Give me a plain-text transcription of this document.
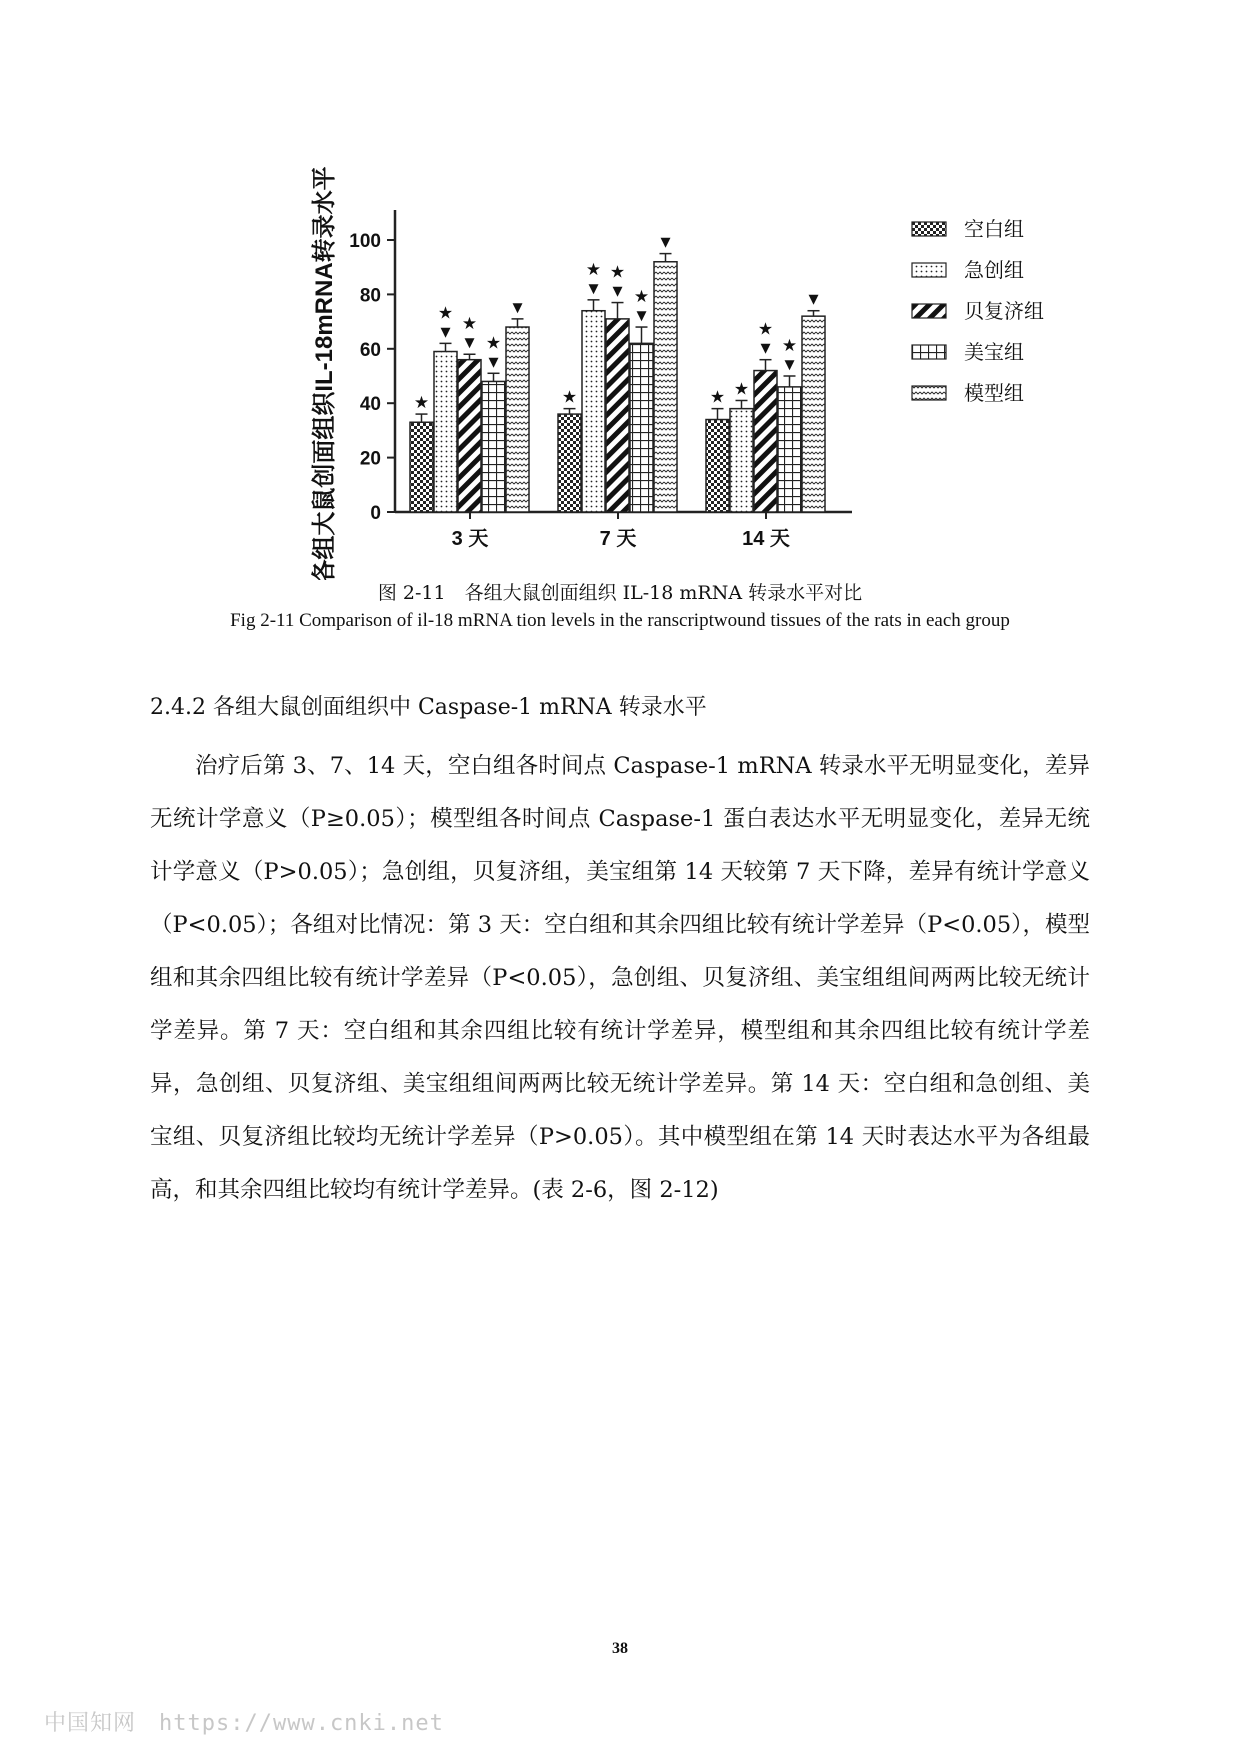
各组大鼠创面组织IL-18mRNA转录水平 0
20
40
60
80
100
★
▼
★
▼
★
▼
★
▼
3 天
★
▼
★
▼
★
▼
★
▼
7 天
★ ★
▼
★
▼
★
▼
14 天
空白组
急创组
贝复济组
美宝组
模型组
图 2-11　各组大鼠创面组织 IL-18 mRNA 转录水平对比
Fig 2-11 Comparison of il-18 mRNA tion levels in the ranscriptwound tissues of the rats in each group
2.4.2 各组大鼠创面组织中 Caspase-1 mRNA 转录水平

治疗后第 3、7、14 天，空白组各时间点 Caspase-1 mRNA 转录水平无明显变化，差异无统计学意义（P≥0.05）；模型组各时间点 Caspase-1 蛋白表达水平无明显变化，差异无统计学意义（P>0.05）；急创组，贝复济组，美宝组第 14 天较第 7 天下降，差异有统计学意义（P<0.05）；各组对比情况：第 3 天：空白组和其余四组比较有统计学差异（P<0.05），模型组和其余四组比较有统计学差异（P<0.05），急创组、贝复济组、美宝组组间两两比较无统计学差异。第 7 天：空白组和其余四组比较有统计学差异，模型组和其余四组比较有统计学差异，急创组、贝复济组、美宝组组间两两比较无统计学差异。第 14 天：空白组和急创组、美宝组、贝复济组比较均无统计学差异（P>0.05）。其中模型组在第 14 天时表达水平为各组最高，和其余四组比较均有统计学差异。(表 2-6，图 2-12)

38
中国知网　https://www.cnki.net
